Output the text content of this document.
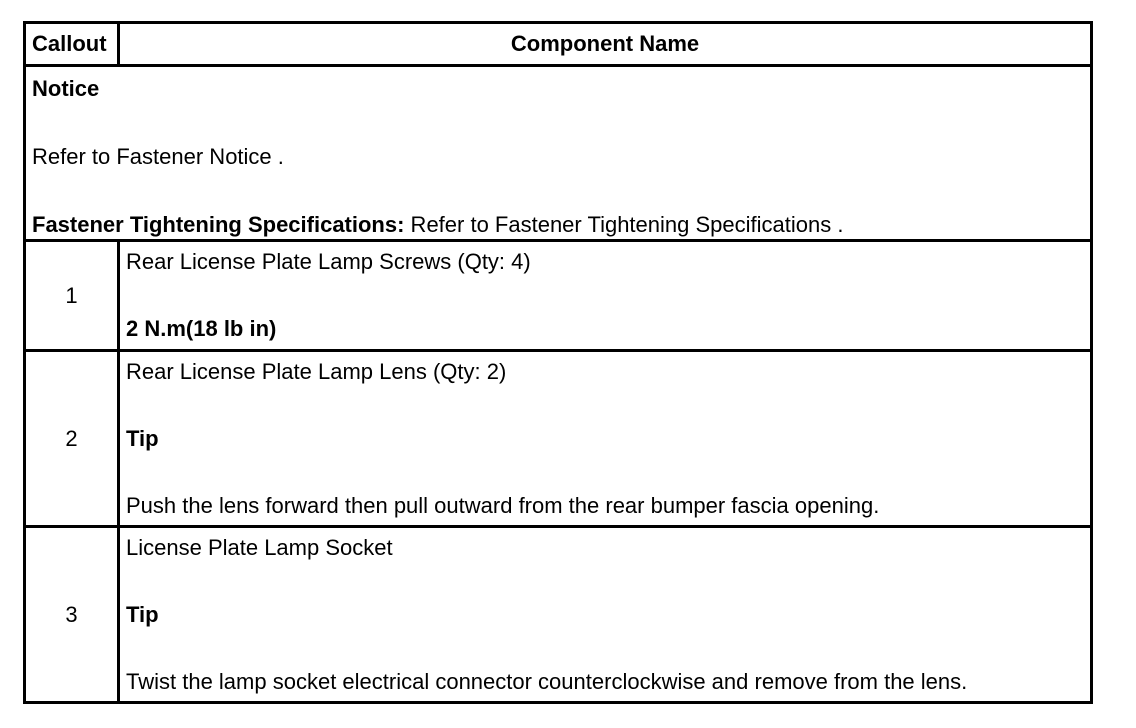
Callout	Component Name
Notice
Refer to Fastener Notice .
Fastener Tightening Specifications: Refer to Fastener Tightening Specifications .
1
Rear License Plate Lamp Screws (Qty: 4)
2 N.m(18 lb in)
2
Rear License Plate Lamp Lens (Qty: 2)
Tip
Push the lens forward then pull outward from the rear bumper fascia opening.
3
License Plate Lamp Socket
Tip
Twist the lamp socket electrical connector counterclockwise and remove from the lens.
